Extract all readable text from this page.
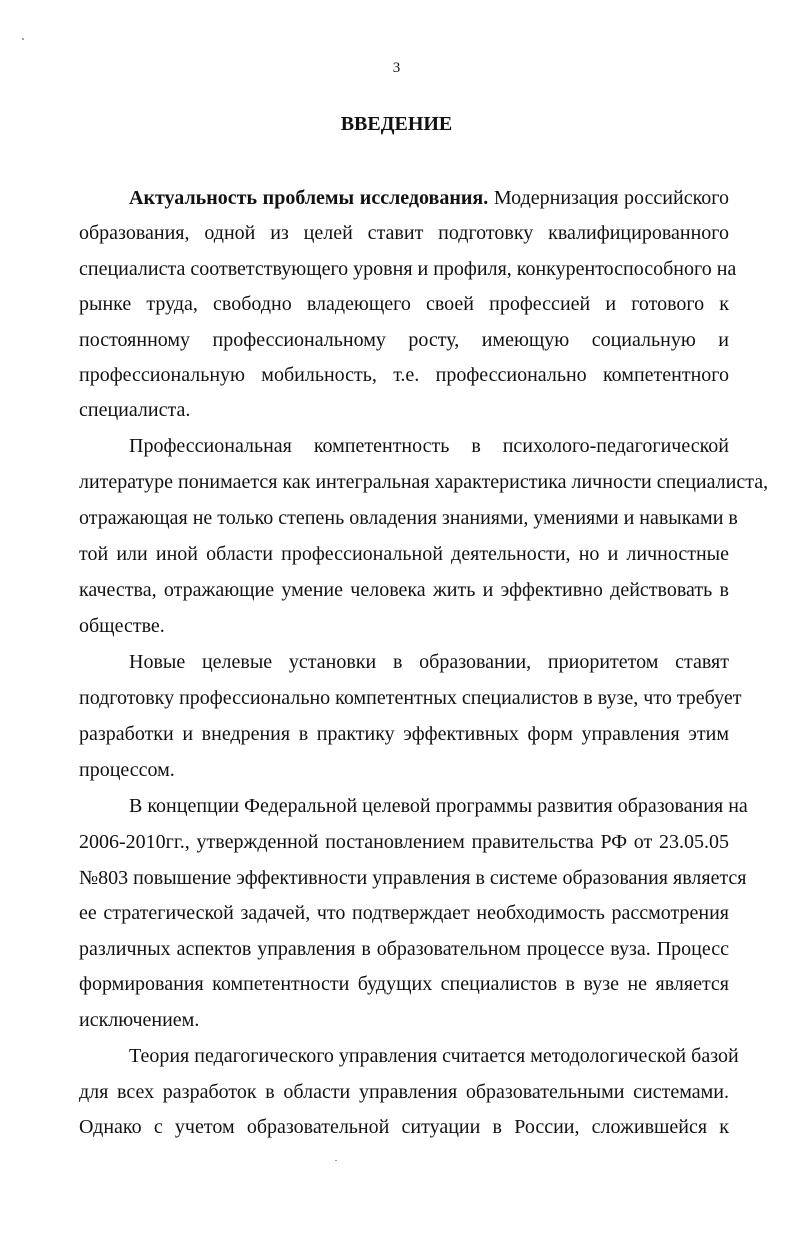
3
ВВЕДЕНИЕ
Актуальность проблемы исследования. Модернизация российского
образования, одной из целей ставит подготовку квалифицированного
специалиста соответствующего уровня и профиля, конкурентоспособного на
рынке труда, свободно владеющего своей профессией и готового к
постоянному профессиональному росту, имеющую социальную и
профессиональную мобильность, т.е. профессионально компетентного
специалиста.
Профессиональная компетентность в психолого-педагогической
литературе понимается как интегральная характеристика личности специалиста,
отражающая не только степень овладения знаниями, умениями и навыками в
той или иной области профессиональной деятельности, но и личностные
качества, отражающие умение человека жить и эффективно действовать в
обществе.
Новые целевые установки в образовании, приоритетом ставят
подготовку профессионально компетентных специалистов в вузе, что требует
разработки и внедрения в практику эффективных форм управления этим
процессом.
В концепции Федеральной целевой программы развития образования на
2006-2010гг., утвержденной постановлением правительства РФ от 23.05.05
№803 повышение эффективности управления в системе образования является
ее стратегической задачей, что подтверждает необходимость рассмотрения
различных аспектов управления в образовательном процессе вуза. Процесс
формирования компетентности будущих специалистов в вузе не является
исключением.
Теория педагогического управления считается методологической базой
для всех разработок в области управления образовательными системами.
Однако с учетом образовательной ситуации в России, сложившейся к
